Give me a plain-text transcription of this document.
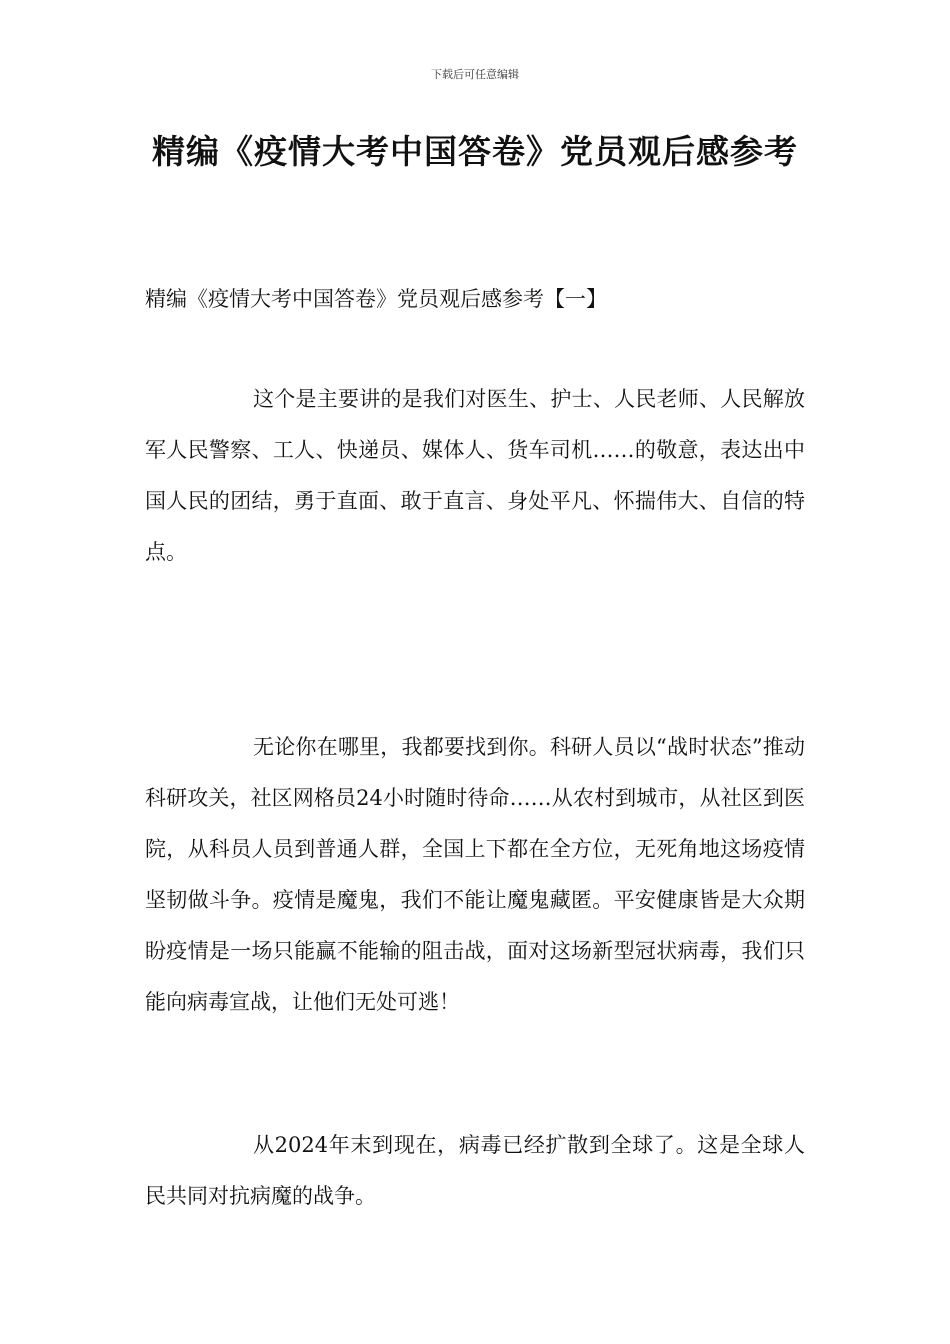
下载后可任意编辑
精编《疫情大考中国答卷》党员观后感参考
精编《疫情大考中国答卷》党员观后感参考【一】

这个是主要讲的是我们对医生、护士、人民老师、人民解放军人民警察、工人、快递员、媒体人、货车司机……的敬意，表达出中国人民的团结，勇于直面、敢于直言、身处平凡、怀揣伟大、自信的特点。

无论你在哪里，我都要找到你。科研人员以“战时状态”推动科研攻关，社区网格员24小时随时待命……从农村到城市，从社区到医院，从科员人员到普通人群，全国上下都在全方位，无死角地这场疫情坚韧做斗争。疫情是魔鬼，我们不能让魔鬼藏匿。平安健康皆是大众期盼疫情是一场只能赢不能输的阻击战，面对这场新型冠状病毒，我们只能向病毒宣战，让他们无处可逃！

从2024年末到现在，病毒已经扩散到全球了。这是全球人民共同对抗病魔的战争。
